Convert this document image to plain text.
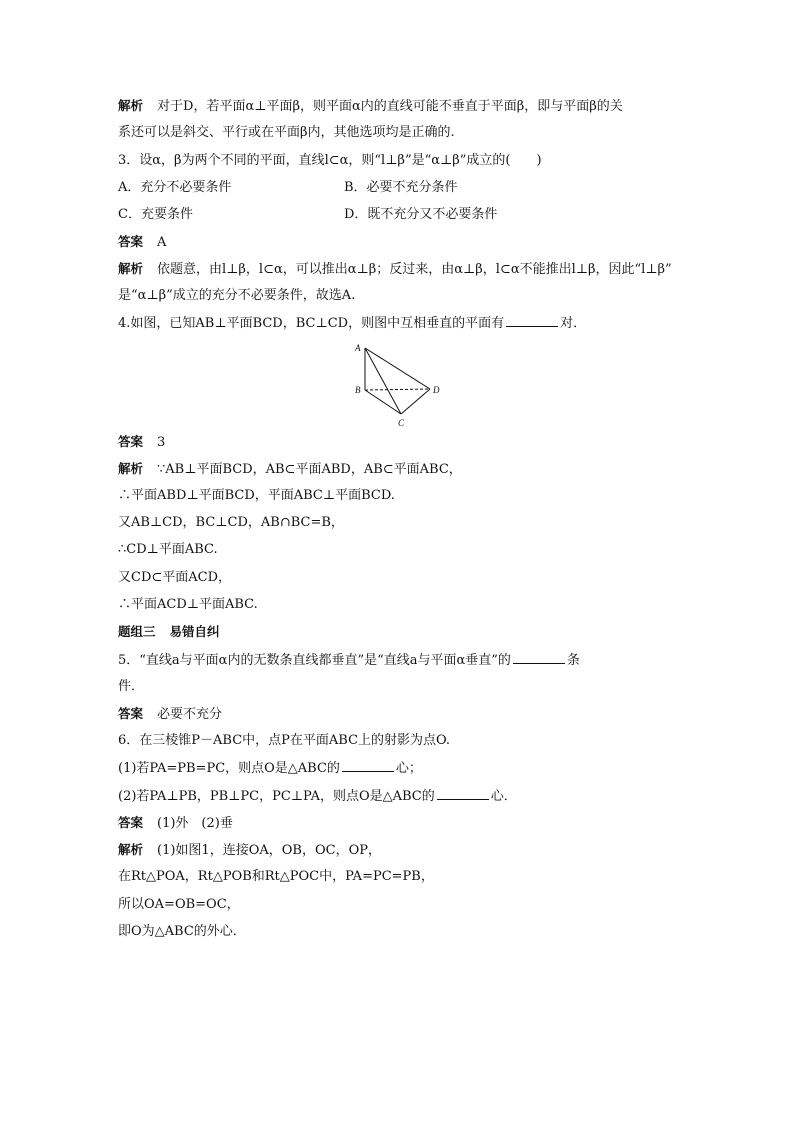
解析 对于D，若平面α⊥平面β，则平面α内的直线可能不垂直于平面β，即与平面β的关
系还可以是斜交、平行或在平面β内，其他选项均是正确的.
3．设α，β为两个不同的平面，直线l⊂α，则“l⊥β”是“α⊥β”成立的(　　)
A．充分不必要条件	B．必要不充分条件
C．充要条件	D．既不充分又不必要条件
答案 A
解析 依题意，由l⊥β，l⊂α，可以推出α⊥β；反过来，由α⊥β，l⊂α不能推出l⊥β，因此“l⊥β”
是“α⊥β”成立的充分不必要条件，故选A.
4.如图，已知AB⊥平面BCD，BC⊥CD，则图中互相垂直的平面有	对．
A
B
C
D
答案 3
解析 ∵AB⊥平面BCD，AB⊂平面ABD，AB⊂平面ABC，
∴平面ABD⊥平面BCD，平面ABC⊥平面BCD.
又AB⊥CD，BC⊥CD，AB∩BC=B，
∴CD⊥平面ABC.
又CD⊂平面ACD，
∴平面ACD⊥平面ABC.
题组三 易错自纠
5．“直线a与平面α内的无数条直线都垂直”是“直线a与平面α垂直”的	条
件．
答案 必要不充分
6．在三棱锥P－ABC中，点P在平面ABC上的射影为点O.
(1)若PA=PB=PC，则点O是△ABC的	心；
(2)若PA⊥PB，PB⊥PC，PC⊥PA，则点O是△ABC的	心．
答案 (1)外　(2)垂
解析 (1)如图1，连接OA，OB，OC，OP，
在Rt△POA，Rt△POB和Rt△POC中，PA=PC=PB，
所以OA=OB=OC，
即O为△ABC的外心．
